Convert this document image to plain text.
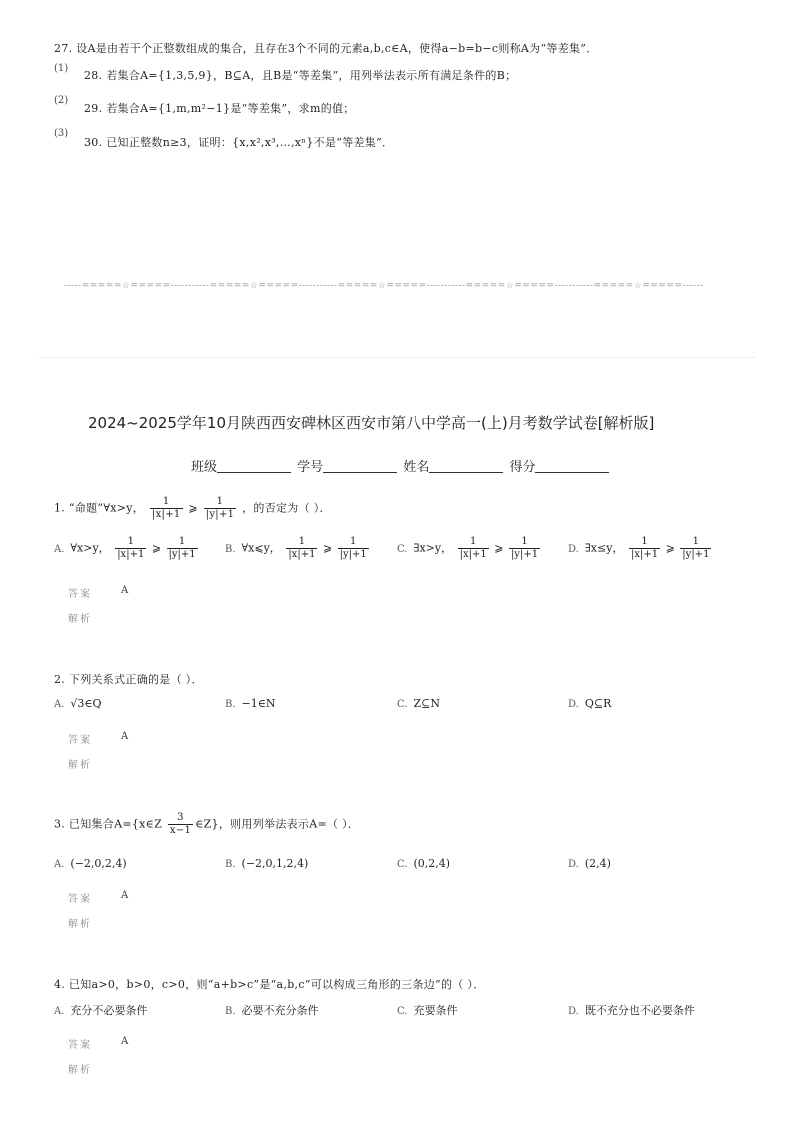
27. 设A是由若干个正整数组成的集合，且存在3个不同的元素a,b,c∈A，使得a−b=b−c则称A为“等差集”．
(1)
28. 若集合A={1,3,5,9}，B⊆A，且B是“等差集”，用列举法表示所有满足条件的B；
(2)
29. 若集合A={1,m,m²−1}是“等差集”，求m的值；
(3)
30. 已知正整数n≥3，证明：{x,x²,x³,…,xⁿ}不是“等差集”．
-----=====☆=====-----------=====☆=====-----------=====☆=====-----------=====☆=====-----------=====☆=====------
2024~2025学年10月陕西西安碑林区西安市第八中学高一(上)月考数学试卷[解析版]
班级	学号	姓名	得分
1. “命题”∀x>y， $\frac{1}{|x|+1}$ ⩾ $\frac{1}{|y|+1}$ ，的否定为（ ）．
A. ∀x>y， $\frac{1}{|x|+1}$ ⩾ $\frac{1}{|y|+1}$	B. ∀x⩽y， $\frac{1}{|x|+1}$ ⩾ $\frac{1}{|y|+1}$	C. ∃x>y， $\frac{1}{|x|+1}$ ⩾ $\frac{1}{|y|+1}$	D. ∃x≤y， $\frac{1}{|x|+1}$ ⩾ $\frac{1}{|y|+1}$
答案	A
解析
2. 下列关系式正确的是（ ）．
A. √3∈Q	B. −1∈N	C. Z⊆N	D. Q⊆R
答案	A
解析
3. 已知集合A={x∈Z $\frac{3}{x-1}$ ∈Z}，则用列举法表示A=（ ）．
A. (−2,0,2,4)	B. (−2,0,1,2,4)	C. (0,2,4)	D. (2,4)
答案	A
解析
4. 已知a>0，b>0，c>0，则“a+b>c”是“a,b,c”可以构成三角形的三条边”的（ ）．
A. 充分不必要条件	B. 必要不充分条件	C. 充要条件	D. 既不充分也不必要条件
答案	A
解析
